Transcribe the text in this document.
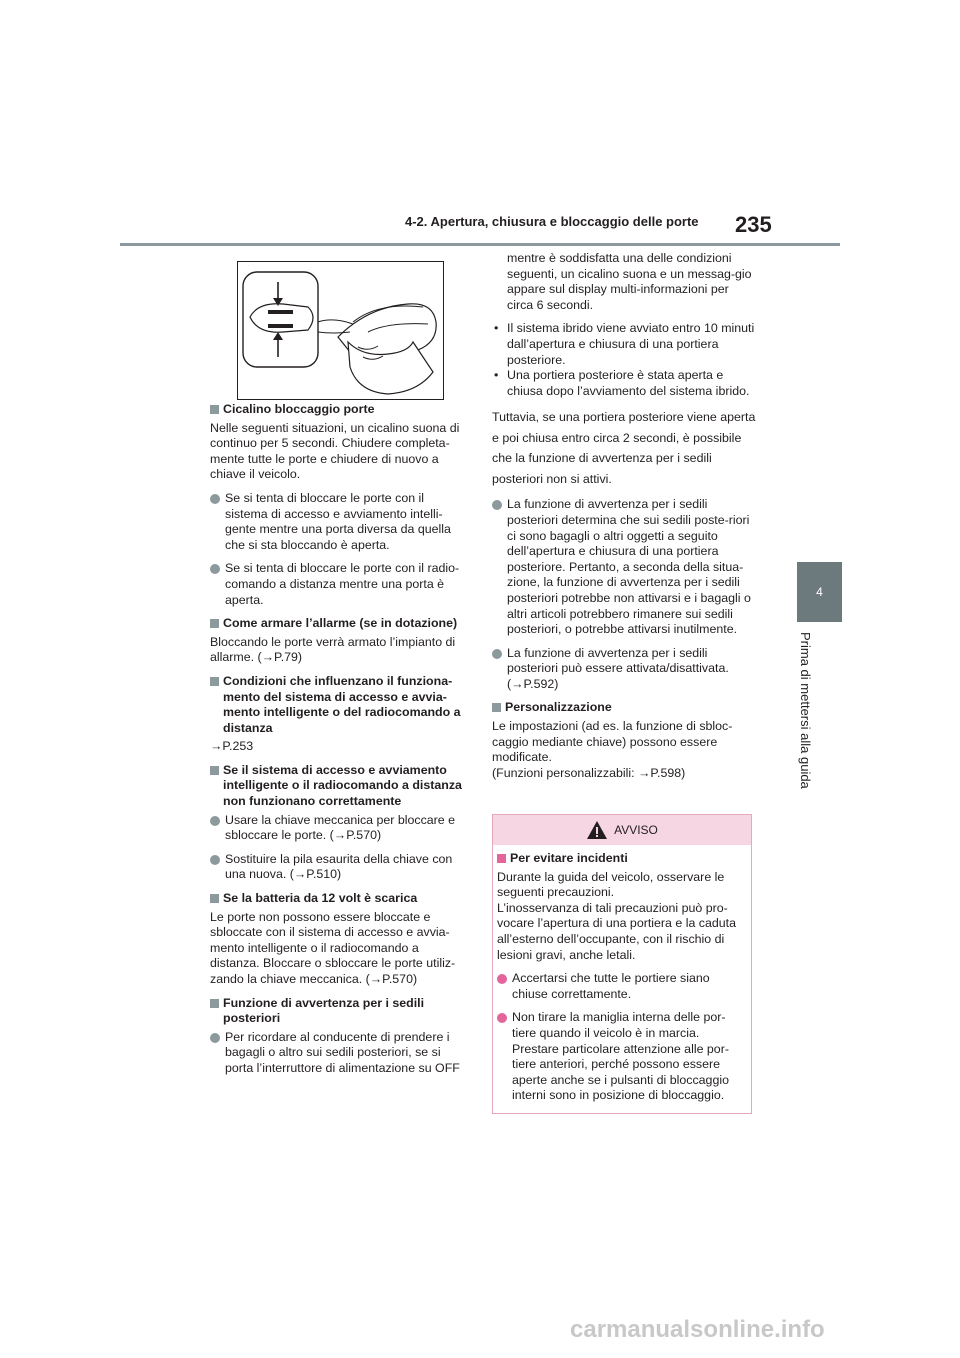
4-2. Apertura, chiusura e bloccaggio delle porte 235
4
Prima di mettersi alla guida
Cicalino bloccaggio porte

Nelle seguenti situazioni, un cicalino suona di continuo per 5 secondi. Chiudere completa-mente tutte le porte e chiudere di nuovo a chiave il veicolo.

Se si tenta di bloccare le porte con il sistema di accesso e avviamento intelli-gente mentre una porta diversa da quella che si sta bloccando è aperta.
Se si tenta di bloccare le porte con il radio-comando a distanza mentre una porta è aperta.
Come armare l’allarme (se in dotazione)

Bloccando le porte verrà armato l’impianto di allarme. (→P.79)

Condizioni che influenzano il funziona-mento del sistema di accesso e avvia-mento intelligente o del radiocomando a distanza

→P.253

Se il sistema di accesso e avviamento intelligente o il radiocomando a distanza non funzionano correttamente
Usare la chiave meccanica per bloccare e sbloccare le porte. (→P.570)
Sostituire la pila esaurita della chiave con una nuova. (→P.510)
Se la batteria da 12 volt è scarica

Le porte non possono essere bloccate e sbloccate con il sistema di accesso e avvia-mento intelligente o il radiocomando a distanza. Bloccare o sbloccare le porte utiliz-zando la chiave meccanica. (→P.570)

Funzione di avvertenza per i sedili posteriori
Per ricordare al conducente di prendere i bagagli o altro sui sedili posteriori, se si porta l’interruttore di alimentazione su OFF

mentre è soddisfatta una delle condizioni seguenti, un cicalino suona e un messag-gio appare sul display multi-informazioni per circa 6 secondi.

• Il sistema ibrido viene avviato entro 10 minuti dall’apertura e chiusura di una portiera posteriore.

• Una portiera posteriore è stata aperta e chiusa dopo l’avviamento del sistema ibrido.

Tuttavia, se una portiera posteriore viene aperta e poi chiusa entro circa 2 secondi, è possibile che la funzione di avvertenza per i sedili posteriori non si attivi.

La funzione di avvertenza per i sedili posteriori determina che sui sedili poste-riori ci sono bagagli o altri oggetti a seguito dell’apertura e chiusura di una portiera posteriore. Pertanto, a seconda della situa-zione, la funzione di avvertenza per i sedili posteriori potrebbe non attivarsi e i bagagli o altri articoli potrebbero rimanere sui sedili posteriori, o potrebbe attivarsi inutilmente.
La funzione di avvertenza per i sedili posteriori può essere attivata/disattivata. (→P.592)
Personalizzazione

Le impostazioni (ad es. la funzione di sbloc-caggio mediante chiave) possono essere modificate.

(Funzioni personalizzabili: →P.598)

AVVISO
Per evitare incidenti

Durante la guida del veicolo, osservare le seguenti precauzioni.

L’inosservanza di tali precauzioni può pro-vocare l’apertura di una portiera e la caduta all’esterno dell’occupante, con il rischio di lesioni gravi, anche letali.

Accertarsi che tutte le portiere siano chiuse correttamente.
Non tirare la maniglia interna delle por-tiere quando il veicolo è in marcia. Prestare particolare attenzione alle por-tiere anteriori, perché possono essere aperte anche se i pulsanti di bloccaggio interni sono in posizione di bloccaggio.
carmanualsonline.info
